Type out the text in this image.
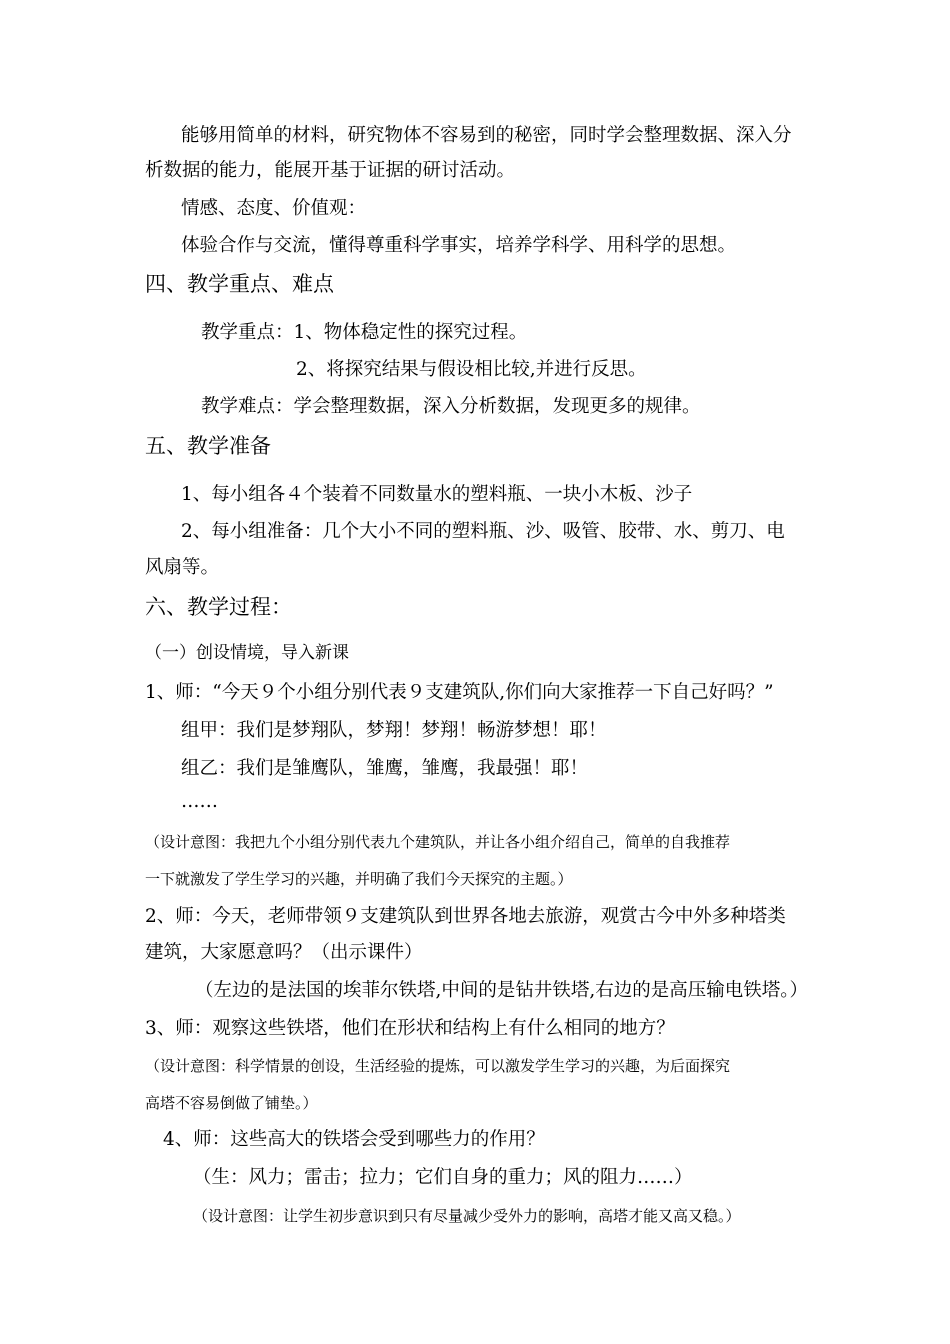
能够用简单的材料，研究物体不容易到的秘密，同时学会整理数据、深入分
析数据的能力，能展开基于证据的研讨活动。
情感、态度、价值观：
体验合作与交流，懂得尊重科学事实，培养学科学、用科学的思想。
四、教学重点、难点
教学重点：1、物体稳定性的探究过程。
2、将探究结果与假设相比较,并进行反思。
教学难点：学会整理数据，深入分析数据，发现更多的规律。
五、教学准备
1、每小组各４个装着不同数量水的塑料瓶、一块小木板、沙子
2、每小组准备：几个大小不同的塑料瓶、沙、吸管、胶带、水、剪刀、电
风扇等。
六、教学过程：
（一）创设情境，导入新课
1、师：“今天９个小组分别代表９支建筑队,你们向大家推荐一下自己好吗？”
组甲：我们是梦翔队，梦翔！梦翔！畅游梦想！耶！
组乙：我们是雏鹰队，雏鹰，雏鹰，我最强！耶！
……
（设计意图：我把九个小组分别代表九个建筑队，并让各小组介绍自己，简单的自我推荐
一下就激发了学生学习的兴趣，并明确了我们今天探究的主题。）
2、师：今天，老师带领９支建筑队到世界各地去旅游，观赏古今中外多种塔类
建筑，大家愿意吗？（出示课件）
（左边的是法国的埃菲尔铁塔,中间的是钻井铁塔,右边的是高压输电铁塔。）
3、师：观察这些铁塔，他们在形状和结构上有什么相同的地方？
（设计意图：科学情景的创设，生活经验的提炼，可以激发学生学习的兴趣，为后面探究
高塔不容易倒做了铺垫。）
4、师：这些高大的铁塔会受到哪些力的作用？
（生：风力；雷击；拉力；它们自身的重力；风的阻力……）
（设计意图：让学生初步意识到只有尽量减少受外力的影响，高塔才能又高又稳。）
